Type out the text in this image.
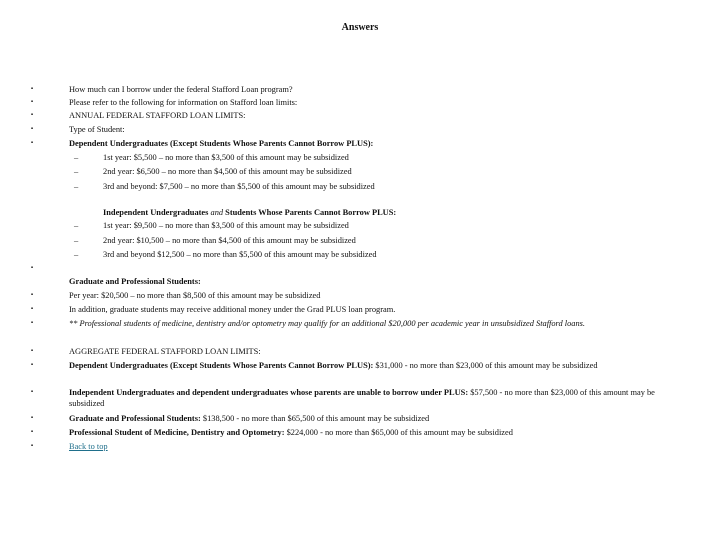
Answers
▪	How much can I borrow under the federal Stafford Loan program?
▪	Please refer to the following for information on Stafford loan limits:
▪	ANNUAL FEDERAL STAFFORD LOAN LIMITS:
▪	Type of Student:
▪	Dependent Undergraduates (Except Students Whose Parents Cannot Borrow PLUS):
–	1st year: $5,500 – no more than $3,500 of this amount may be subsidized
–	2nd year: $6,500 – no more than $4,500 of this amount may be subsidized
–	3rd and beyond: $7,500 – no more than $5,500 of this amount may be subsidized
Independent Undergraduates and Students Whose Parents Cannot Borrow PLUS:
–	1st year: $9,500 – no more than $3,500 of this amount may be subsidized
–	2nd year: $10,500 – no more than $4,500 of this amount may be subsidized
–	3rd and beyond $12,500 – no more than $5,500 of this amount may be subsidized
▪
Graduate and Professional Students:
▪	Per year: $20,500 – no more than $8,500 of this amount may be subsidized
▪	In addition, graduate students may receive additional money under the Grad PLUS loan program.
▪	** Professional students of medicine, dentistry and/or optometry may qualify for an additional $20,000 per academic year in unsubsidized Stafford loans.
▪	AGGREGATE FEDERAL STAFFORD LOAN LIMITS:
▪	Dependent Undergraduates (Except Students Whose Parents Cannot Borrow PLUS): $31,000 - no more than $23,000 of this amount may be subsidized
▪	Independent Undergraduates and dependent undergraduates whose parents are unable to borrow under PLUS: $57,500 - no more than $23,000 of this amount may be subsidized
▪	Graduate and Professional Students: $138,500 - no more than $65,500 of this amount may be subsidized
▪	Professional Student of Medicine, Dentistry and Optometry: $224,000 - no more than $65,000 of this amount may be subsidized
▪	Back to top
